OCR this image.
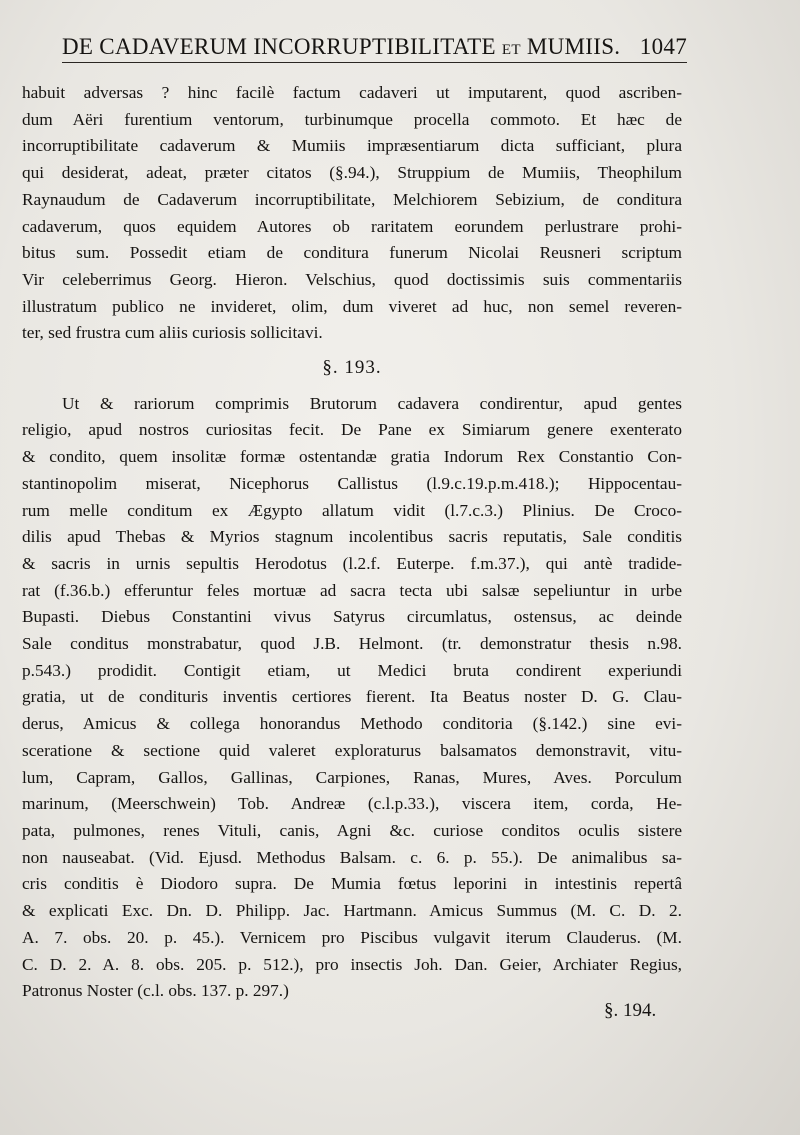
DE CADAVERUM INCORRUPTIBILITATE ET MUMIIS. 1047
habuit adversas ? hinc facilè factum cadaveri ut imputarent, quod ascriben-
dum Aëri furentium ventorum, turbinumque procella commoto. Et hæc de
incorruptibilitate cadaverum & Mumiis impræsentiarum dicta sufficiant, plura
qui desiderat, adeat, præter citatos (§.94.), Struppium de Mumiis, Theophilum
Raynaudum de Cadaverum incorruptibilitate, Melchiorem Sebizium, de conditura
cadaverum, quos equidem Autores ob raritatem eorundem perlustrare prohi-
bitus sum. Possedit etiam de conditura funerum Nicolai Reusneri scriptum
Vir celeberrimus Georg. Hieron. Velschius, quod doctissimis suis commentariis
illustratum publico ne invideret, olim, dum viveret ad huc, non semel reveren-
ter, sed frustra cum aliis curiosis sollicitavi.
§. 193.
Ut & rariorum comprimis Brutorum cadavera condirentur, apud gentes
religio, apud nostros curiositas fecit. De Pane ex Simiarum genere exenterato
& condito, quem insolitæ formæ ostentandæ gratia Indorum Rex Constantio Con-
stantinopolim miserat, Nicephorus Callistus (l.9.c.19.p.m.418.); Hippocentau-
rum melle conditum ex Ægypto allatum vidit (l.7.c.3.) Plinius. De Croco-
dilis apud Thebas & Myrios stagnum incolentibus sacris reputatis, Sale conditis
& sacris in urnis sepultis Herodotus (l.2.f. Euterpe. f.m.37.), qui antè tradide-
rat (f.36.b.) efferuntur feles mortuæ ad sacra tecta ubi salsæ sepeliuntur in urbe
Bupasti. Diebus Constantini vivus Satyrus circumlatus, ostensus, ac deinde
Sale conditus monstrabatur, quod J.B. Helmont. (tr. demonstratur thesis n.98.
p.543.) prodidit. Contigit etiam, ut Medici bruta condirent experiundi
gratia, ut de condituris inventis certiores fierent. Ita Beatus noster D. G. Clau-
derus, Amicus & collega honorandus Methodo conditoria (§.142.) sine evi-
sceratione & sectione quid valeret exploraturus balsamatos demonstravit, vitu-
lum, Capram, Gallos, Gallinas, Carpiones, Ranas, Mures, Aves. Porculum
marinum, (Meerschwein) Tob. Andreæ (c.l.p.33.), viscera item, corda, He-
pata, pulmones, renes Vituli, canis, Agni &c. curiose conditos oculis sistere
non nauseabat. (Vid. Ejusd. Methodus Balsam. c. 6. p. 55.). De animalibus sa-
cris conditis è Diodoro supra. De Mumia fœtus leporini in intestinis repertâ
& explicati Exc. Dn. D. Philipp. Jac. Hartmann. Amicus Summus (M. C. D. 2.
A. 7. obs. 20. p. 45.). Vernicem pro Piscibus vulgavit iterum Clauderus. (M.
C. D. 2. A. 8. obs. 205. p. 512.), pro insectis Joh. Dan. Geier, Archiater Regius,
Patronus Noster (c.l. obs. 137. p. 297.)
§. 194.
